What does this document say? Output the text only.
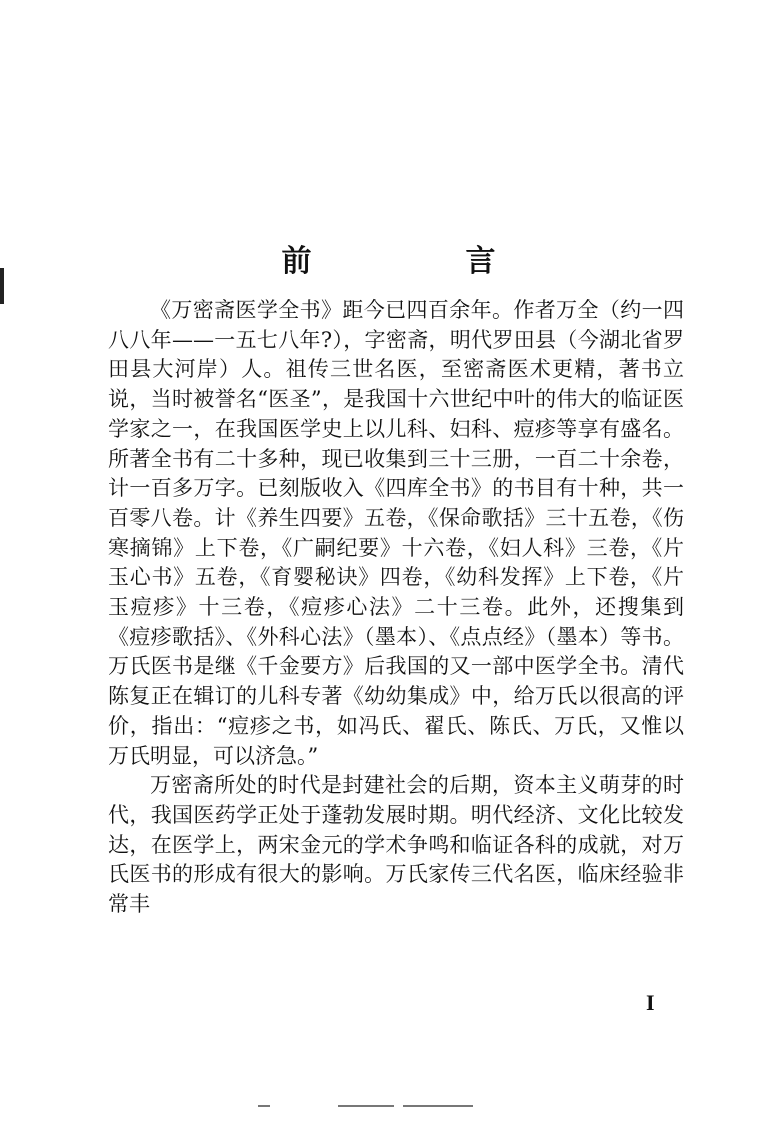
前　言

《万密斋医学全书》距今已四百余年。作者万全（约一四八八年——一五七八年?），字密斋，明代罗田县（今湖北省罗田县大河岸）人。祖传三世名医，至密斋医术更精，著书立说，当时被誉名“医圣”，是我国十六世纪中叶的伟大的临证医学家之一，在我国医学史上以儿科、妇科、痘疹等享有盛名。所著全书有二十多种，现已收集到三十三册，一百二十余卷，计一百多万字。已刻版收入《四库全书》的书目有十种，共一百零八卷。计《养生四要》五卷，《保命歌括》三十五卷，《伤寒摘锦》上下卷，《广嗣纪要》十六卷，《妇人科》三卷，《片玉心书》五卷，《育婴秘诀》四卷，《幼科发挥》上下卷，《片玉痘疹》十三卷，《痘疹心法》二十三卷。此外，还搜集到《痘疹歌括》、《外科心法》（墨本）、《点点经》（墨本）等书。万氏医书是继《千金要方》后我国的又一部中医学全书。清代陈复正在辑订的儿科专著《幼幼集成》中，给万氏以很高的评价，指出：“痘疹之书，如冯氏、翟氏、陈氏、万氏，又惟以万氏明显，可以济急。”

万密斋所处的时代是封建社会的后期，资本主义萌芽的时代，我国医药学正处于蓬勃发展时期。明代经济、文化比较发达，在医学上，两宋金元的学术争鸣和临证各科的成就，对万氏医书的形成有很大的影响。万氏家传三代名医，临床经验非常丰

I
